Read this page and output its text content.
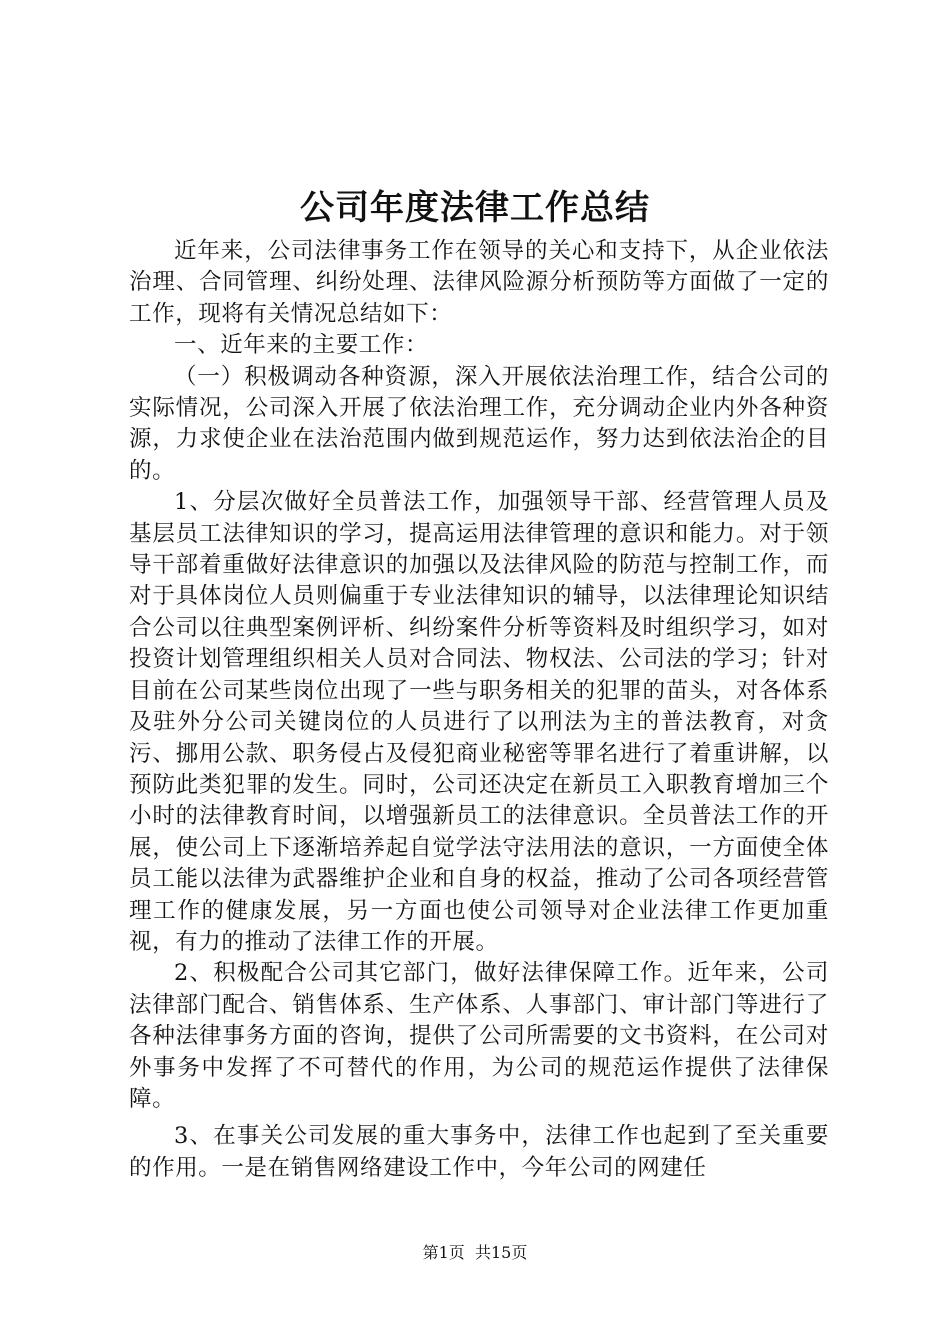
公司年度法律工作总结

近年来，公司法律事务工作在领导的关心和支持下，从企业依法治理、合同管理、纠纷处理、法律风险源分析预防等方面做了一定的工作，现将有关情况总结如下：

一、近年来的主要工作：

（一）积极调动各种资源，深入开展依法治理工作，结合公司的实际情况，公司深入开展了依法治理工作，充分调动企业内外各种资源，力求使企业在法治范围内做到规范运作，努力达到依法治企的目的。

1、分层次做好全员普法工作，加强领导干部、经营管理人员及基层员工法律知识的学习，提高运用法律管理的意识和能力。对于领导干部着重做好法律意识的加强以及法律风险的防范与控制工作，而对于具体岗位人员则偏重于专业法律知识的辅导，以法律理论知识结合公司以往典型案例评析、纠纷案件分析等资料及时组织学习，如对投资计划管理组织相关人员对合同法、物权法、公司法的学习；针对目前在公司某些岗位出现了一些与职务相关的犯罪的苗头，对各体系及驻外分公司关键岗位的人员进行了以刑法为主的普法教育，对贪污、挪用公款、职务侵占及侵犯商业秘密等罪名进行了着重讲解，以预防此类犯罪的发生。同时，公司还决定在新员工入职教育增加三个小时的法律教育时间，以增强新员工的法律意识。全员普法工作的开展，使公司上下逐渐培养起自觉学法守法用法的意识，一方面使全体员工能以法律为武器维护企业和自身的权益，推动了公司各项经营管理工作的健康发展，另一方面也使公司领导对企业法律工作更加重视，有力的推动了法律工作的开展。

2、积极配合公司其它部门，做好法律保障工作。近年来，公司法律部门配合、销售体系、生产体系、人事部门、审计部门等进行了各种法律事务方面的咨询，提供了公司所需要的文书资料，在公司对外事务中发挥了不可替代的作用，为公司的规范运作提供了法律保障。

3、在事关公司发展的重大事务中，法律工作也起到了至关重要的作用。一是在销售网络建设工作中，今年公司的网建任

第1页 共15页
